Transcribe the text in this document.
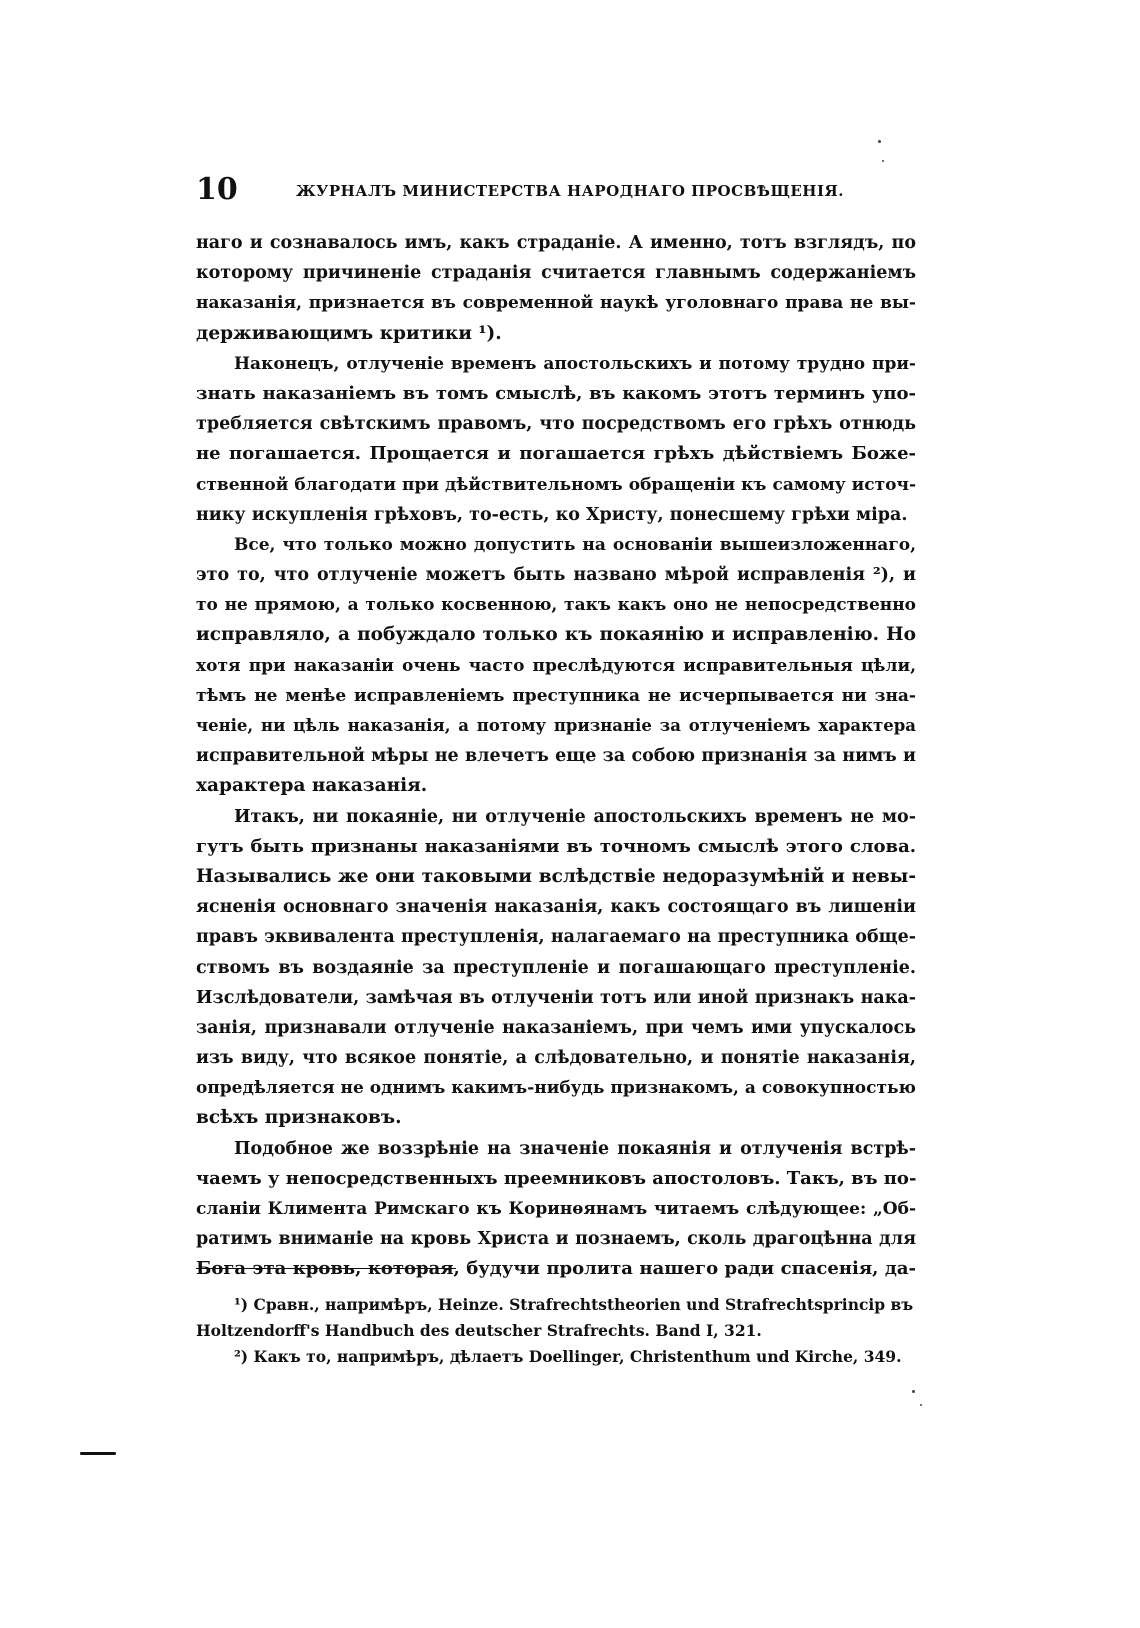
10	ЖУРНАЛЪ МИНИСТЕРСТВА НАРОДНАГО ПРОСВѢЩЕНІЯ.
наго и сознавалось имъ, какъ страданіе. А именно, тотъ взглядъ, по
которому причиненіе страданія считается главнымъ содержаніемъ
наказанія, признается въ современной наукѣ уголовнаго права не вы-
держивающимъ критики ¹).
Наконецъ, отлученіе временъ апостольскихъ и потому трудно при-
знать наказаніемъ въ томъ смыслѣ, въ какомъ этотъ терминъ упо-
требляется свѣтскимъ правомъ, что посредствомъ его грѣхъ отнюдь
не погашается. Прощается и погашается грѣхъ дѣйствіемъ Боже-
ственной благодати при дѣйствительномъ обращеніи къ самому источ-
нику искупленія грѣховъ, то-есть, ко Христу, понесшему грѣхи міра.
Все, что только можно допустить на основаніи вышеизложеннаго,
это то, что отлученіе можетъ быть названо мѣрой исправленія ²), и
то не прямою, а только косвенною, такъ какъ оно не непосредственно
исправляло, а побуждало только къ покаянію и исправленію. Но
хотя при наказаніи очень часто преслѣдуются исправительныя цѣли,
тѣмъ не менѣе исправленіемъ преступника не исчерпывается ни зна-
ченіе, ни цѣль наказанія, а потому признаніе за отлученіемъ характера
исправительной мѣры не влечетъ еще за собою признанія за нимъ и
характера наказанія.
Итакъ, ни покаяніе, ни отлученіе апостольскихъ временъ не мо-
гутъ быть признаны наказаніями въ точномъ смыслѣ этого слова.
Назывались же они таковыми вслѣдствіе недоразумѣній и невы-
ясненія основнаго значенія наказанія, какъ состоящаго въ лишеніи
правъ эквивалента преступленія, налагаемаго на преступника обще-
ствомъ въ воздаяніе за преступленіе и погашающаго преступленіе.
Изслѣдователи, замѣчая въ отлученіи тотъ или иной признакъ нака-
занія, признавали отлученіе наказаніемъ, при чемъ ими упускалось
изъ виду, что всякое понятіе, а слѣдовательно, и понятіе наказанія,
опредѣляется не однимъ какимъ-нибудь признакомъ, а совокупностью
всѣхъ признаковъ.
Подобное же воззрѣніе на значеніе покаянія и отлученія встрѣ-
чаемъ у непосредственныхъ преемниковъ апостоловъ. Такъ, въ по-
сланіи Климента Римскаго къ Коринѳянамъ читаемъ слѣдующее: „Об-
ратимъ вниманіе на кровь Христа и познаемъ, сколь драгоцѣнна для
Бога эта кровь, которая, будучи пролита нашего ради спасенія, да-
¹) Сравн., напримѣръ, Heinze. Strafrechtstheorien und Strafrechtsprincip въ
Holtzendorff's Handbuch des deutscher Strafrechts. Band I, 321.
²) Какъ то, напримѣръ, дѣлаетъ Doellinger, Christenthum und Kirche, 349.
